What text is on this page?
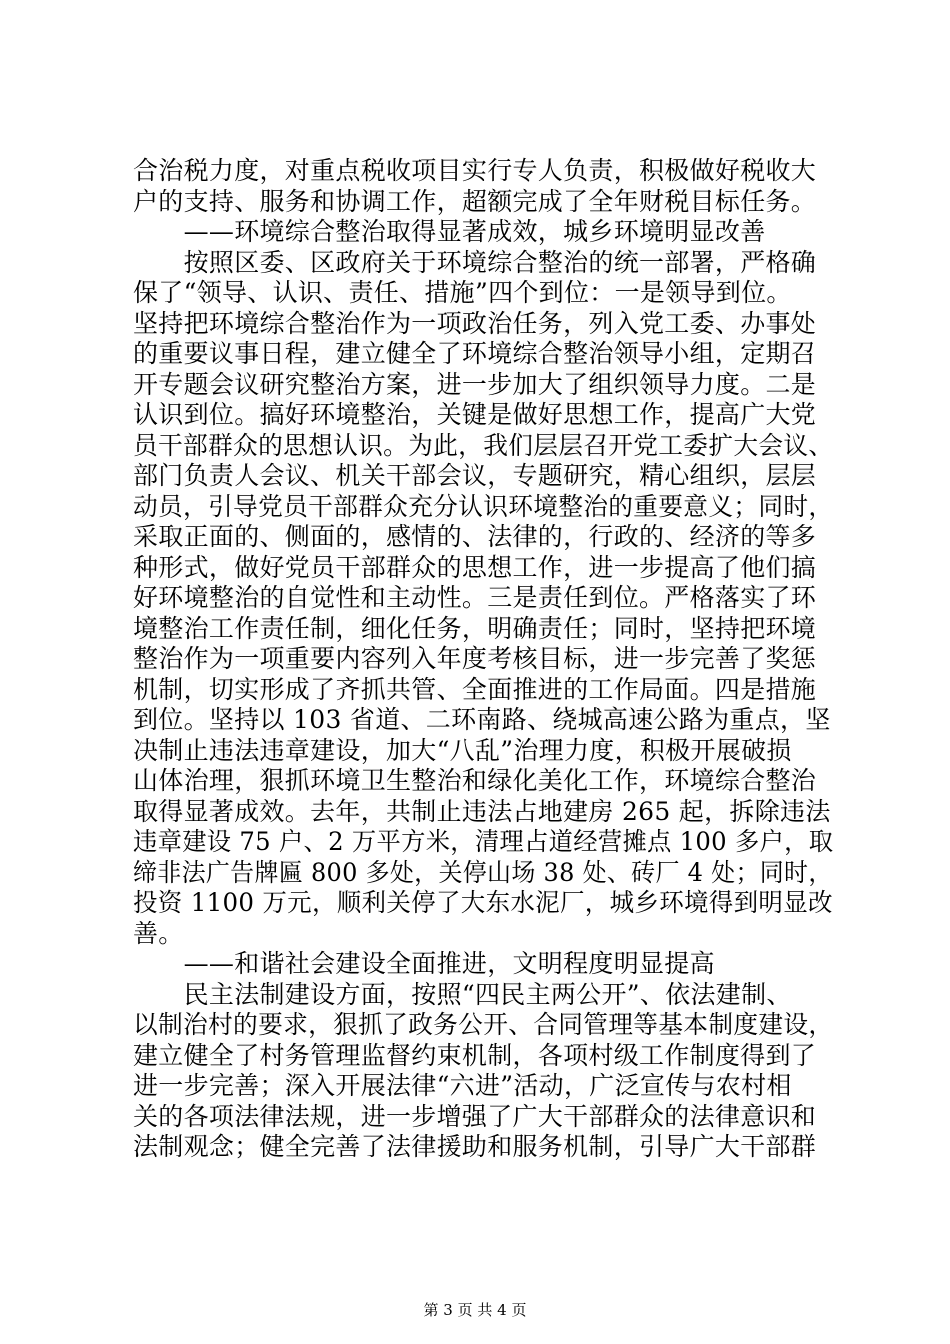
合治税力度，对重点税收项目实行专人负责，积极做好税收大
户的支持、服务和协调工作，超额完成了全年财税目标任务。
　　——环境综合整治取得显著成效，城乡环境明显改善
　　按照区委、区政府关于环境综合整治的统一部署，严格确
保了“领导、认识、责任、措施”四个到位：一是领导到位。
坚持把环境综合整治作为一项政治任务，列入党工委、办事处
的重要议事日程，建立健全了环境综合整治领导小组，定期召
开专题会议研究整治方案，进一步加大了组织领导力度。二是
认识到位。搞好环境整治，关键是做好思想工作，提高广大党
员干部群众的思想认识。为此，我们层层召开党工委扩大会议、
部门负责人会议、机关干部会议，专题研究，精心组织，层层
动员，引导党员干部群众充分认识环境整治的重要意义；同时，
采取正面的、侧面的，感情的、法律的，行政的、经济的等多
种形式，做好党员干部群众的思想工作，进一步提高了他们搞
好环境整治的自觉性和主动性。三是责任到位。严格落实了环
境整治工作责任制，细化任务，明确责任；同时，坚持把环境
整治作为一项重要内容列入年度考核目标，进一步完善了奖惩
机制，切实形成了齐抓共管、全面推进的工作局面。四是措施
到位。坚持以 103 省道、二环南路、绕城高速公路为重点，坚
决制止违法违章建设，加大“八乱”治理力度，积极开展破损
山体治理，狠抓环境卫生整治和绿化美化工作，环境综合整治
取得显著成效。去年，共制止违法占地建房 265 起，拆除违法
违章建设 75 户、2 万平方米，清理占道经营摊点 100 多户，取
缔非法广告牌匾 800 多处，关停山场 38 处、砖厂 4 处；同时，
投资 1100 万元，顺利关停了大东水泥厂，城乡环境得到明显改
善。
　　——和谐社会建设全面推进，文明程度明显提高
　　民主法制建设方面，按照“四民主两公开”、依法建制、
以制治村的要求，狠抓了政务公开、合同管理等基本制度建设，
建立健全了村务管理监督约束机制，各项村级工作制度得到了
进一步完善；深入开展法律“六进”活动，广泛宣传与农村相
关的各项法律法规，进一步增强了广大干部群众的法律意识和
法制观念；健全完善了法律援助和服务机制，引导广大干部群
第 3 页 共 4 页
